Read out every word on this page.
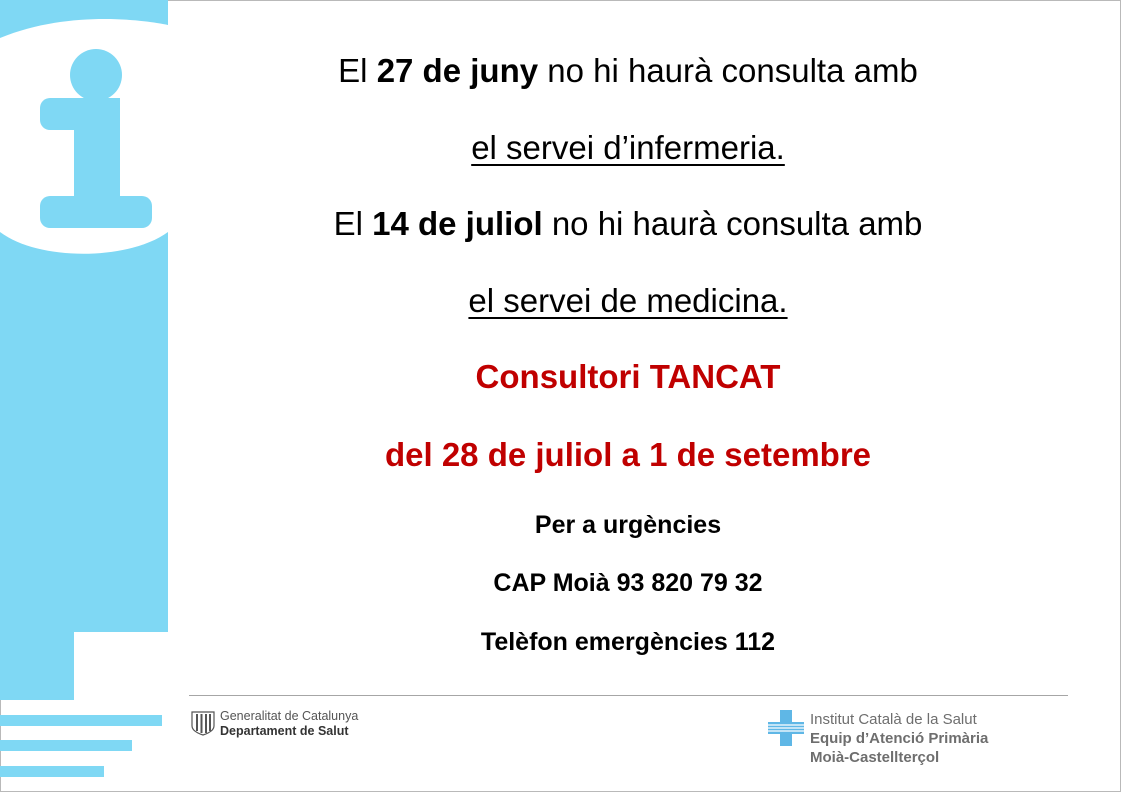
El 27 de juny no hi haurà consulta amb
el servei d’infermeria.
El 14 de juliol no hi haurà consulta amb
el servei de medicina.
Consultori TANCAT
del 28 de juliol a 1 de setembre
Per a urgències
CAP Moià 93 820 79 32
Telèfon emergències 112
Generalitat de Catalunya
Departament de Salut
Institut Català de la Salut
Equip d’Atenció Primària
Moià-Castellterçol
